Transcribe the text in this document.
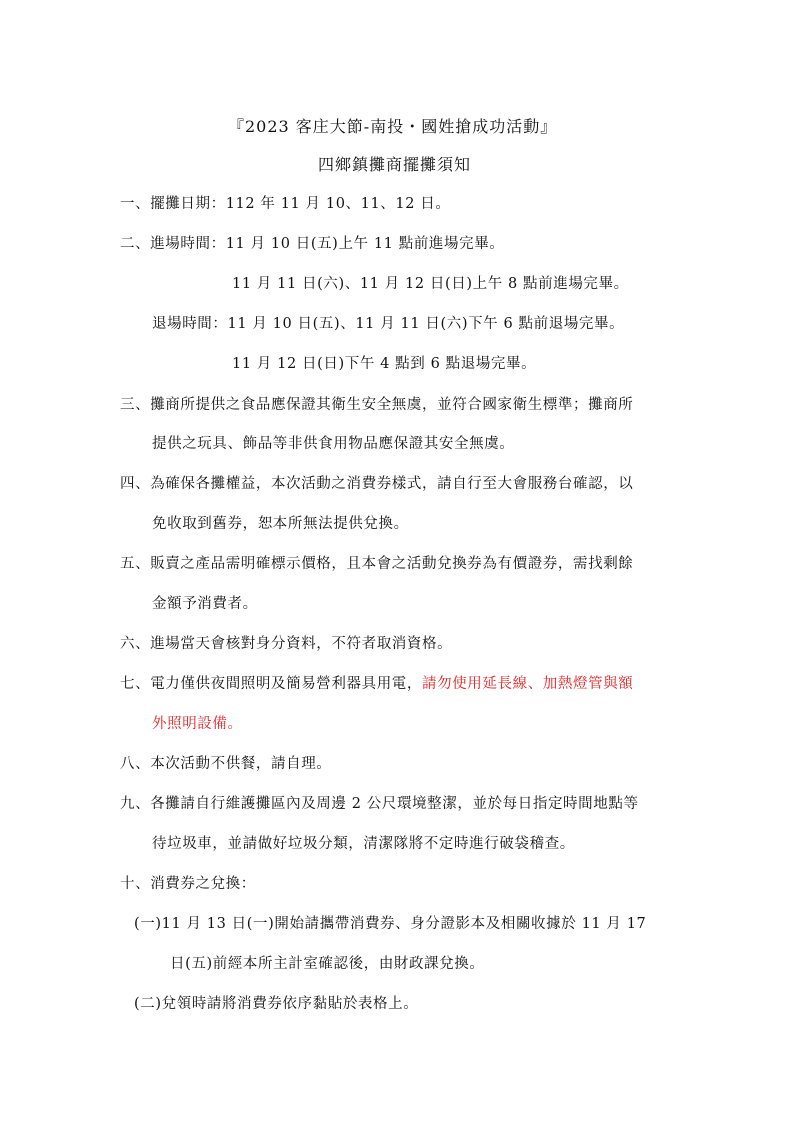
『2023 客庄大節-南投・國姓搶成功活動』
四鄉鎮攤商擺攤須知
一、擺攤日期：112 年 11 月 10、11、12 日。
二、進場時間：11 月 10 日(五)上午 11 點前進場完畢。
11 月 11 日(六)、11 月 12 日(日)上午 8 點前進場完畢。
退場時間：11 月 10 日(五)、11 月 11 日(六)下午 6 點前退場完畢。
11 月 12 日(日)下午 4 點到 6 點退場完畢。
三、攤商所提供之食品應保證其衛生安全無虞，並符合國家衛生標準；攤商所
提供之玩具、飾品等非供食用物品應保證其安全無虞。
四、為確保各攤權益，本次活動之消費券樣式，請自行至大會服務台確認，以
免收取到舊券，恕本所無法提供兌換。
五、販賣之產品需明確標示價格，且本會之活動兌換券為有價證券，需找剩餘
金額予消費者。
六、進場當天會核對身分資料，不符者取消資格。
七、電力僅供夜間照明及簡易營利器具用電，請勿使用延長線、加熱燈管與額
外照明設備。
八、本次活動不供餐，請自理。
九、各攤請自行維護攤區內及周邊 2 公尺環境整潔，並於每日指定時間地點等
待垃圾車，並請做好垃圾分類，清潔隊將不定時進行破袋稽查。
十、消費券之兌換：
(一)11 月 13 日(一)開始請攜帶消費券、身分證影本及相關收據於 11 月 17
日(五)前經本所主計室確認後，由財政課兌換。
(二)兌領時請將消費券依序黏貼於表格上。
